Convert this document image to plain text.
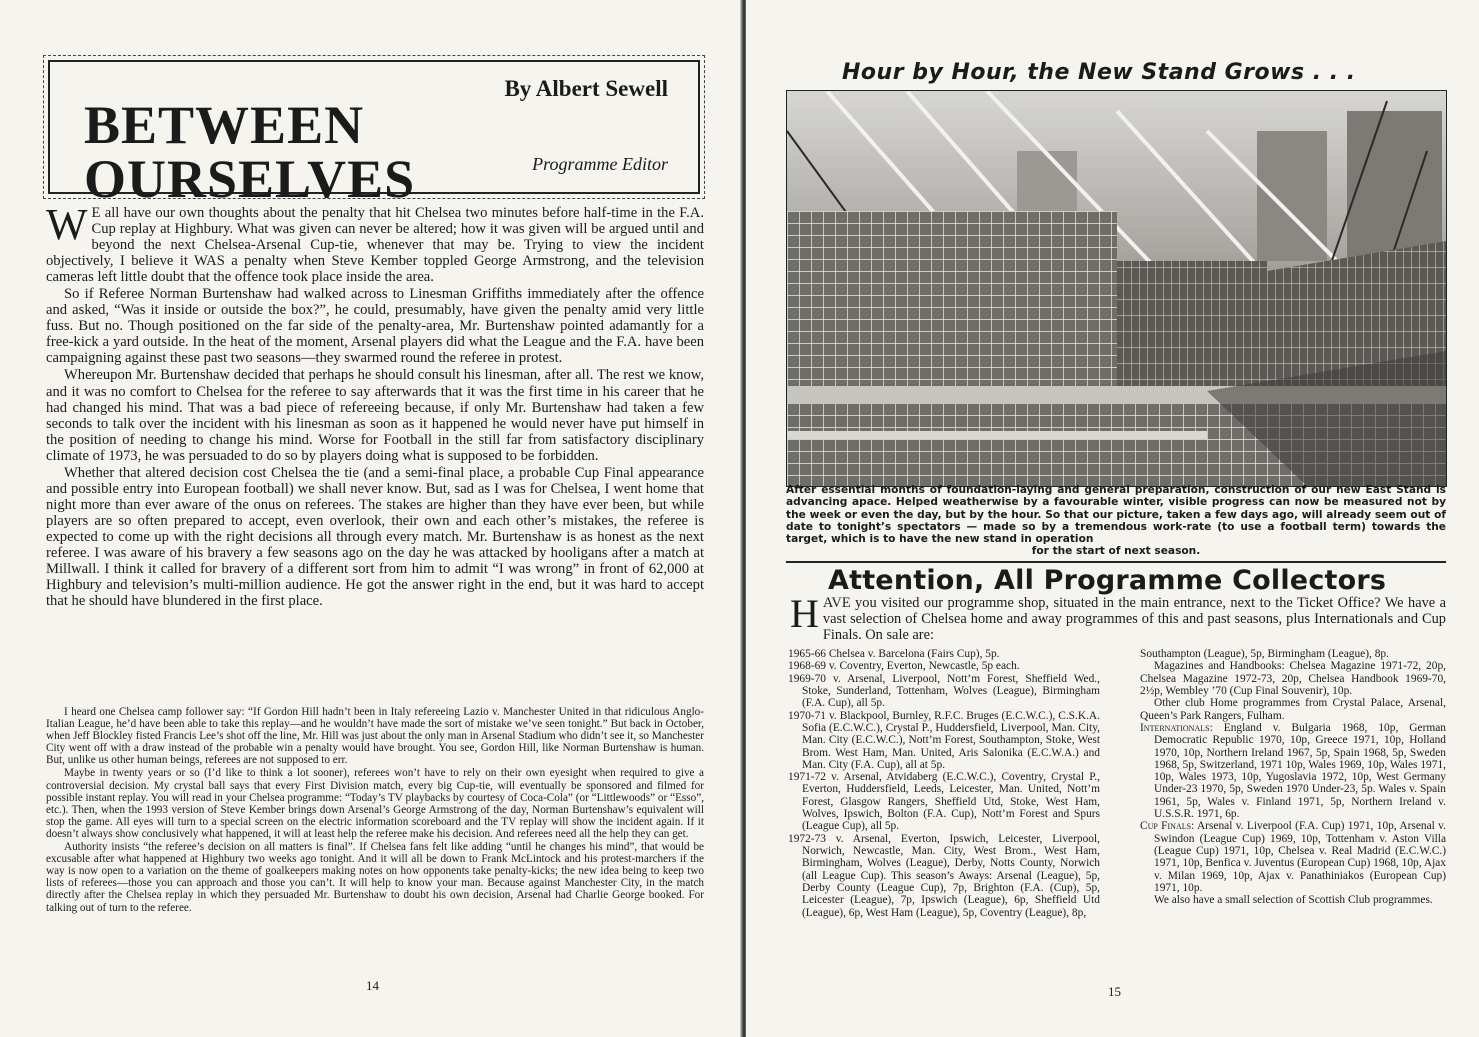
By Albert Sewell
BETWEEN OURSELVES	Programme Editor

W E all have our own thoughts about the penalty that hit Chelsea two minutes before half-time in the F.A. Cup replay at Highbury. What was given can never be altered; how it was given will be argued until and beyond the next Chelsea-Arsenal Cup-tie, whenever that may be. Trying to view the incident objectively, I believe it WAS a penalty when Steve Kember toppled George Armstrong, and the television cameras left little doubt that the offence took place inside the area.

So if Referee Norman Burtenshaw had walked across to Linesman Griffiths immediately after the offence and asked, “Was it inside or outside the box?”, he could, presumably, have given the penalty amid very little fuss. But no. Though positioned on the far side of the penalty-area, Mr. Burtenshaw pointed adamantly for a free-kick a yard outside. In the heat of the moment, Arsenal players did what the League and the F.A. have been campaigning against these past two seasons—they swarmed round the referee in protest.

Whereupon Mr. Burtenshaw decided that perhaps he should consult his linesman, after all. The rest we know, and it was no comfort to Chelsea for the referee to say afterwards that it was the first time in his career that he had changed his mind. That was a bad piece of refereeing because, if only Mr. Burtenshaw had taken a few seconds to talk over the incident with his linesman as soon as it happened he would never have put himself in the position of needing to change his mind. Worse for Football in the still far from satisfactory disciplinary climate of 1973, he was persuaded to do so by players doing what is supposed to be forbidden.

Whether that altered decision cost Chelsea the tie (and a semi-final place, a probable Cup Final appearance and possible entry into European football) we shall never know. But, sad as I was for Chelsea, I went home that night more than ever aware of the onus on referees. The stakes are higher than they have ever been, but while players are so often prepared to accept, even overlook, their own and each other’s mistakes, the referee is expected to come up with the right decisions all through every match. Mr. Burtenshaw is as honest as the next referee. I was aware of his bravery a few seasons ago on the day he was attacked by hooligans after a match at Millwall. I think it called for bravery of a different sort from him to admit “I was wrong” in front of 62,000 at Highbury and television’s multi-million audience. He got the answer right in the end, but it was hard to accept that he should have blundered in the first place.

I heard one Chelsea camp follower say: “If Gordon Hill hadn’t been in Italy refereeing Lazio v. Manchester United in that ridiculous Anglo-Italian League, he’d have been able to take this replay—and he wouldn’t have made the sort of mistake we’ve seen tonight.” But back in October, when Jeff Blockley fisted Francis Lee’s shot off the line, Mr. Hill was just about the only man in Arsenal Stadium who didn’t see it, so Manchester City went off with a draw instead of the probable win a penalty would have brought. You see, Gordon Hill, like Norman Burtenshaw is human. But, unlike us other human beings, referees are not supposed to err.

Maybe in twenty years or so (I’d like to think a lot sooner), referees won’t have to rely on their own eyesight when required to give a controversial decision. My crystal ball says that every First Division match, every big Cup-tie, will eventually be sponsored and filmed for possible instant replay. You will read in your Chelsea programme: “Today’s TV playbacks by courtesy of Coca-Cola” (or “Littlewoods” or “Esso”, etc.). Then, when the 1993 version of Steve Kember brings down Arsenal’s George Armstrong of the day, Norman Burtenshaw’s equivalent will stop the game. All eyes will turn to a special screen on the electric information scoreboard and the TV replay will show the incident again. If it doesn’t always show conclusively what happened, it will at least help the referee make his decision. And referees need all the help they can get.

Authority insists “the referee’s decision on all matters is final”. If Chelsea fans felt like adding “until he changes his mind”, that would be excusable after what happened at Highbury two weeks ago tonight. And it will all be down to Frank McLintock and his protest-marchers if the way is now open to a variation on the theme of goalkeepers making notes on how opponents take penalty-kicks; the new idea being to keep two lists of referees—those you can approach and those you can’t. It will help to know your man. Because against Manchester City, in the match directly after the Chelsea replay in which they persuaded Mr. Burtenshaw to doubt his own decision, Arsenal had Charlie George booked. For talking out of turn to the referee.

14
Hour by Hour, the New Stand Grows . . .
After essential months of foundation-laying and general preparation, construction of our new East Stand is advancing apace. Helped weatherwise by a favourable winter, visible progress can now be measured not by the week or even the day, but by the hour. So that our picture, taken a few days ago, will already seem out of date to tonight’s spectators — made so by a tremendous work-rate (to use a football term) towards the target, which is to have the new stand in operation
for the start of next season.
Attention, All Programme Collectors
HAVE you visited our programme shop, situated in the main entrance, next to the Ticket Office? We have a vast selection of Chelsea home and away programmes of this and past seasons, plus Internationals and Cup Finals. On sale are:

1965-66 Chelsea v. Barcelona (Fairs Cup), 5p.

1968-69 v. Coventry, Everton, Newcastle, 5p each.

1969-70 v. Arsenal, Liverpool, Nott’m Forest, Sheffield Wed., Stoke, Sunderland, Tottenham, Wolves (League), Birmingham (F.A. Cup), all 5p.

1970-71 v. Blackpool, Burnley, R.F.C. Bruges (E.C.W.C.), C.S.K.A. Sofia (E.C.W.C.), Crystal P., Huddersfield, Liverpool, Man. City, Man. City (E.C.W.C.), Nott’m Forest, Southampton, Stoke, West Brom. West Ham, Man. United, Aris Salonika (E.C.W.A.) and Man. City (F.A. Cup), all at 5p.

1971-72 v. Arsenal, Atvidaberg (E.C.W.C.), Coventry, Crystal P., Everton, Huddersfield, Leeds, Leicester, Man. United, Nott’m Forest, Glasgow Rangers, Sheffield Utd, Stoke, West Ham, Wolves, Ipswich, Bolton (F.A. Cup), Nott’m Forest and Spurs (League Cup), all 5p.

1972-73 v. Arsenal, Everton, Ipswich, Leicester, Liverpool, Norwich, Newcastle, Man. City, West Brom., West Ham, Birmingham, Wolves (League), Derby, Notts County, Norwich (all League Cup). This season’s Aways: Arsenal (League), 5p, Derby County (League Cup), 7p, Brighton (F.A. (Cup), 5p, Leicester (League), 7p, Ipswich (League), 6p, Sheffield Utd (League), 6p, West Ham (League), 5p, Coventry (League), 8p,

Southampton (League), 5p, Birmingham (League), 8p.

Magazines and Handbooks: Chelsea Magazine 1971-72, 20p, Chelsea Magazine 1972-73, 20p, Chelsea Handbook 1969-70, 2½p, Wembley ’70 (Cup Final Souvenir), 10p.

Other club Home programmes from Crystal Palace, Arsenal, Queen’s Park Rangers, Fulham.

Internationals: England v. Bulgaria 1968, 10p, German Democratic Republic 1970, 10p, Greece 1971, 10p, Holland 1970, 10p, Northern Ireland 1967, 5p, Spain 1968, 5p, Sweden 1968, 5p, Switzerland, 1971 10p, Wales 1969, 10p, Wales 1971, 10p, Wales 1973, 10p, Yugoslavia 1972, 10p, West Germany Under-23 1970, 5p, Sweden 1970 Under-23, 5p. Wales v. Spain 1961, 5p, Wales v. Finland 1971, 5p, Northern Ireland v. U.S.S.R. 1971, 6p.

Cup Finals: Arsenal v. Liverpool (F.A. Cup) 1971, 10p, Arsenal v. Swindon (League Cup) 1969, 10p, Tottenham v. Aston Villa (League Cup) 1971, 10p, Chelsea v. Real Madrid (E.C.W.C.) 1971, 10p, Benfica v. Juventus (European Cup) 1968, 10p, Ajax v. Milan 1969, 10p, Ajax v. Panathiniakos (European Cup) 1971, 10p.

We also have a small selection of Scottish Club programmes.

15
